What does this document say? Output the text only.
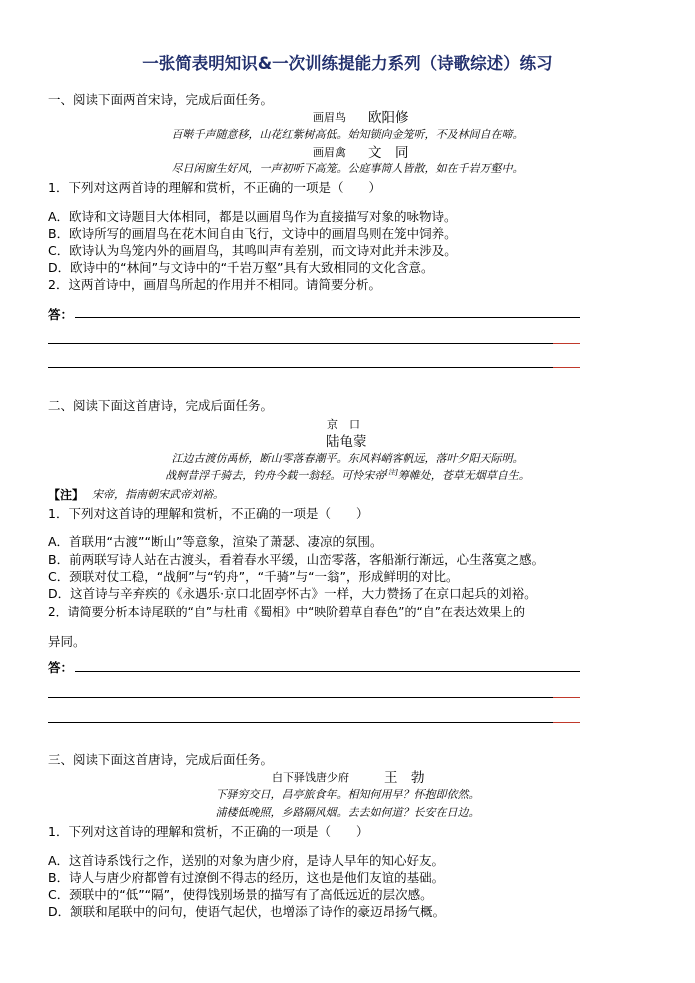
一张简表明知识&一次训练提能力系列（诗歌综述）练习
一、阅读下面两首宋诗，完成后面任务。
画眉鸟 欧阳修
百啭千声随意移，山花红紫树高低。始知锁向金笼听，不及林间自在啼。
画眉禽 文　同
尽日闲窗生好风，一声初听下高笼。公庭事简人皆散，如在千岩万壑中。
1．下列对这两首诗的理解和赏析，不正确的一项是（　　）
A．欧诗和文诗题目大体相同，都是以画眉鸟作为直接描写对象的咏物诗。
B．欧诗所写的画眉鸟在花木间自由飞行，文诗中的画眉鸟则在笼中饲养。
C．欧诗认为鸟笼内外的画眉鸟，其鸣叫声有差别，而文诗对此并未涉及。
D．欧诗中的“林间”与文诗中的“千岩万壑”具有大致相同的文化含意。
2．这两首诗中，画眉鸟所起的作用并不相同。请简要分析。
答：
二、阅读下面这首唐诗，完成后面任务。
京　口
陆龟蒙
江边古渡仿禹桥，断山零落春潮平。东风料峭客帆远，落叶夕阳天际明。
战舸昔浮千骑去，钓舟今载一翁轻。可怜宋帝[注]筹帷处，苍草无烟草自生。
【注】 宋帝，指南朝宋武帝刘裕。
1．下列对这首诗的理解和赏析，不正确的一项是（　　）
A．首联用“古渡”“断山”等意象，渲染了萧瑟、凄凉的氛围。
B．前两联写诗人站在古渡头，看着春水平缓，山峦零落，客船渐行渐远，心生落寞之感。
C．颈联对仗工稳，“战舸”与“钓舟”，“千骑”与“一翁”，形成鲜明的对比。
D．这首诗与辛弃疾的《永遇乐·京口北固亭怀古》一样，大力赞扬了在京口起兵的刘裕。
2．请简要分析本诗尾联的“自”与杜甫《蜀相》中“映阶碧草自春色”的“自”在表达效果上的
异同。
答：
三、阅读下面这首唐诗，完成后面任务。
白下驿饯唐少府	王　勃
下驿穷交日，昌亭旅食年。相知何用早？怀抱即依然。
浦楼低晚照，乡路隔风烟。去去如何道？长安在日边。
1．下列对这首诗的理解和赏析，不正确的一项是（　　）
A．这首诗系饯行之作，送别的对象为唐少府，是诗人早年的知心好友。
B．诗人与唐少府都曾有过潦倒不得志的经历，这也是他们友谊的基础。
C．颈联中的“低”“隔”，使得饯别场景的描写有了高低远近的层次感。
D．颔联和尾联中的问句，使语气起伏，也增添了诗作的豪迈昂扬气概。
